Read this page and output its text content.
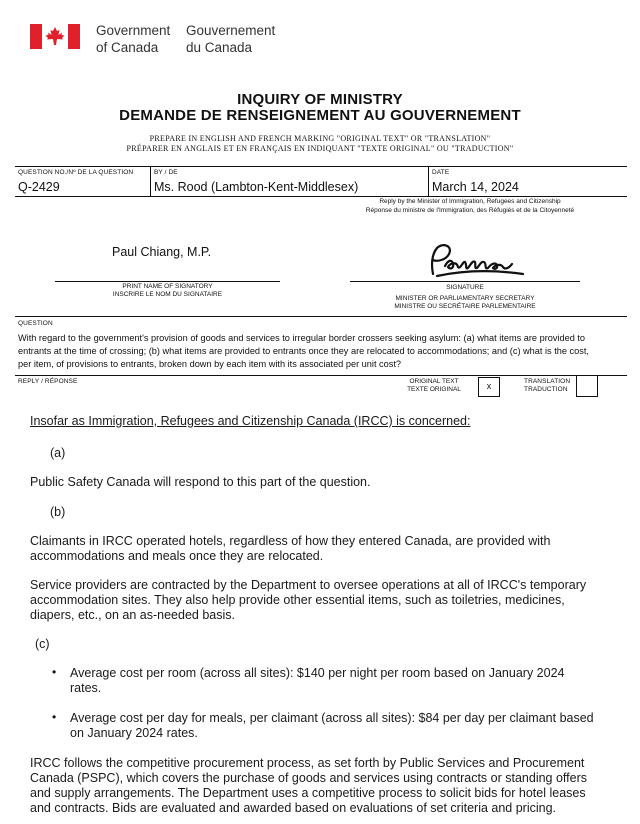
Government
of Canada
Gouvernement
du Canada
INQUIRY OF MINISTRY
DEMANDE DE RENSEIGNEMENT AU GOUVERNEMENT
PREPARE IN ENGLISH AND FRENCH MARKING "ORIGINAL TEXT" OR "TRANSLATION"
PRÉPARER EN ANGLAIS ET EN FRANÇAIS EN INDIQUANT "TEXTE ORIGINAL" OU "TRADUCTION"
QUESTION NO./Nº DE LA QUESTION
Q-2429
BY / DE
Ms. Rood (Lambton-Kent-Middlesex)
DATE
March 14, 2024
Reply by the Minister of Immigration, Refugees and Citizenship
Réponse du ministre de l'Immigration, des Réfugiés et de la Citoyenneté
Paul Chiang, M.P.
PRINT NAME OF SIGNATORY
INSCRIRE LE NOM DU SIGNATAIRE
SIGNATURE
MINISTER OR PARLIAMENTARY SECRETARY
MINISTRE OU SECRÉTAIRE PARLEMENTAIRE
QUESTION
With regard to the government's provision of goods and services to irregular border crossers seeking asylum: (a) what items are provided to
entrants at the time of crossing; (b) what items are provided to entrants once they are relocated to accommodations; and (c) what is the cost,
per item, of provisions to entrants, broken down by each item with its associated per unit cost?
REPLY / RÉPONSE	ORIGINAL TEXT
TEXTE ORIGINAL	x	TRANSLATION
TRADUCTION
Insofar as Immigration, Refugees and Citizenship Canada (IRCC) is concerned:
(a)
Public Safety Canada will respond to this part of the question.
(b)
Claimants in IRCC operated hotels, regardless of how they entered Canada, are provided with
accommodations and meals once they are relocated.
Service providers are contracted by the Department to oversee operations at all of IRCC's temporary
accommodation sites. They also help provide other essential items, such as toiletries, medicines,
diapers, etc., on an as-needed basis.
(c)
• Average cost per room (across all sites): $140 per night per room based on January 2024
rates.
• Average cost per day for meals, per claimant (across all sites): $84 per day per claimant based
on January 2024 rates.
IRCC follows the competitive procurement process, as set forth by Public Services and Procurement
Canada (PSPC), which covers the purchase of goods and services using contracts or standing offers
and supply arrangements. The Department uses a competitive process to solicit bids for hotel leases
and contracts. Bids are evaluated and awarded based on evaluations of set criteria and pricing.
